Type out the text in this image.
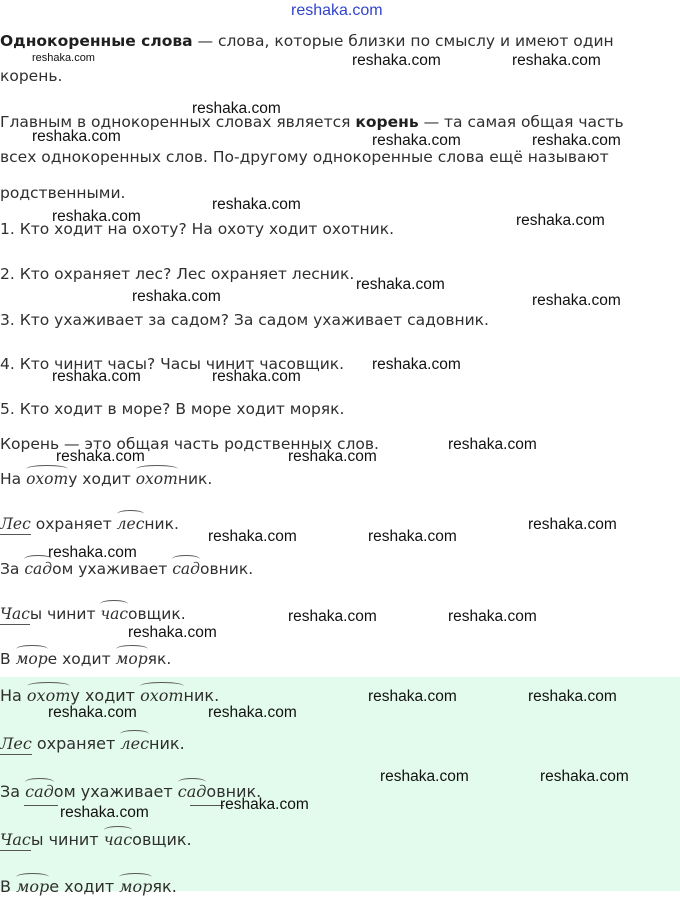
reshaka.com
Однокоренные слова — слова, которые близки по смыслу и имеют один
корень.
Главным в однокоренных словах является корень — та самая общая часть
всех однокоренных слов. По-другому однокоренные слова ещё называют
родственными.
1. Кто ходит на охоту? На охоту ходит охотник.
2. Кто охраняет лес? Лес охраняет лесник.
3. Кто ухаживает за садом? За садом ухаживает садовник.
4. Кто чинит часы? Часы чинит часовщик.
5. Кто ходит в море? В море ходит моряк.
Корень — это общая часть родственных слов.
На охоту ходит охотник.
Лес охраняет лесник.
За садом ухаживает садовник.
Часы чинит часовщик.
В море ходит моряк.
На охоту ходит охотник.
Лес охраняет лесник.
За садом ухаживает садовник.
Часы чинит часовщик.
В море ходит моряк.
reshaka.com	reshaka.com	reshaka.com
reshaka.com
reshaka.com	reshaka.com	reshaka.com
reshaka.com
reshaka.com	reshaka.com
reshaka.com
reshaka.com	reshaka.com
reshaka.com
reshaka.com	reshaka.com
reshaka.com
reshaka.com	reshaka.com
reshaka.com
reshaka.com	reshaka.com
reshaka.com
reshaka.com	reshaka.com
reshaka.com
reshaka.com	reshaka.com
reshaka.com	reshaka.com
reshaka.com	reshaka.com
reshaka.com
reshaka.com
